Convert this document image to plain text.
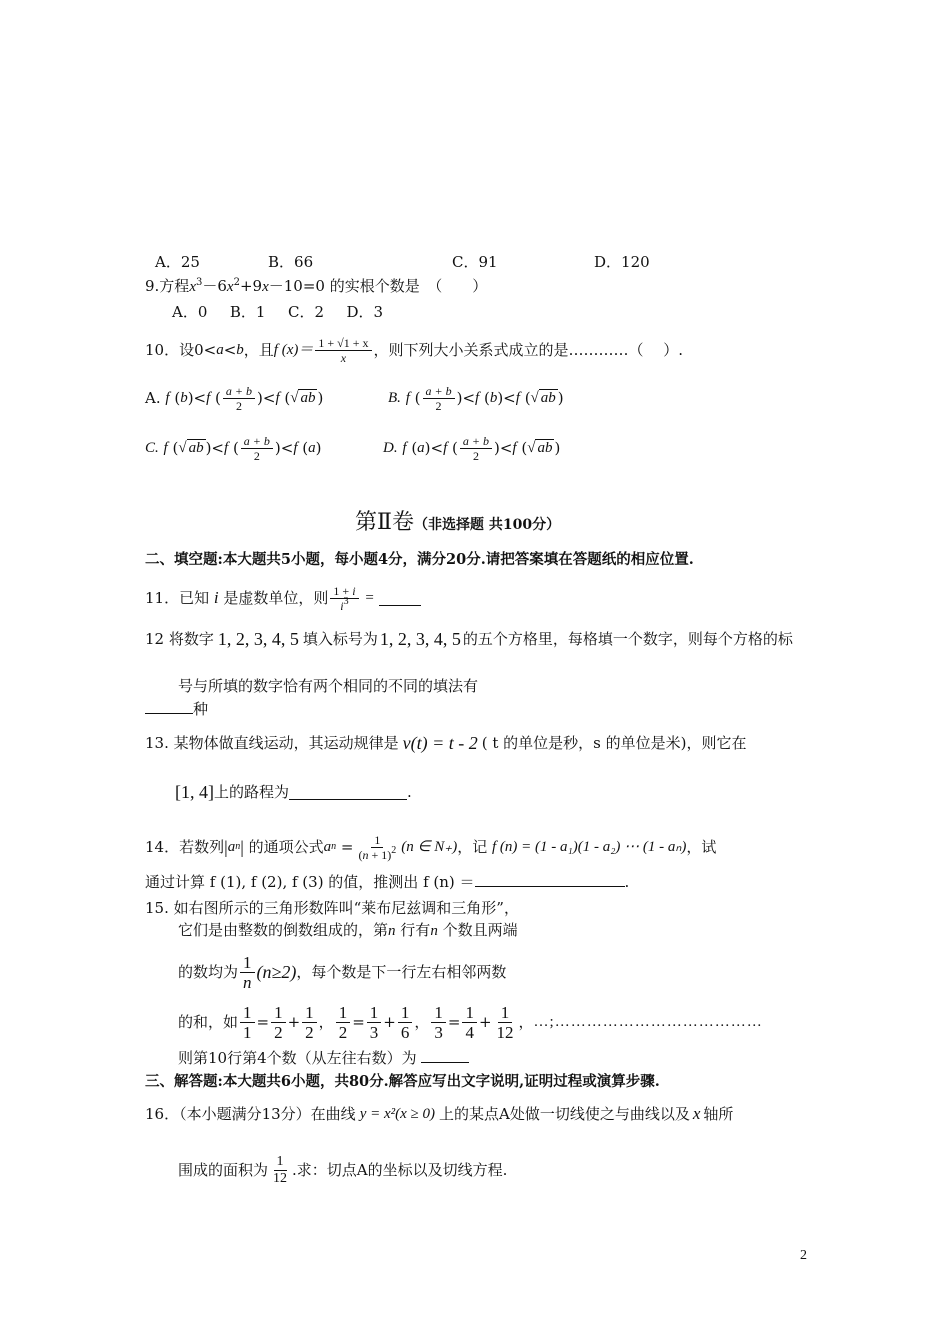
A．25	B．66	C．91	D．120
9.方程$x^3-6x^2+9x-10=0$ 的实根个数是　（　　）
A．0   B．1   C．2   D．3
10．设0< a < b ，且 f $(x)= \frac{1 + √1 + x}{x}$ ，则下列大小关系式成立的是…………（　 ）.
A.
f ( b )< f ( $\frac{a + b}{2}$ )< f ( √ ab )	B.
f ( $\frac{a + b}{2}$ )< f ( b )< f ( √ ab )
C.
f ( √ ab )< f ( $\frac{a + b}{2}$ )< f ( a )	D.
f ( a )< f ( $\frac{a + b}{2}$ )< f ( √ ab )
第Ⅱ卷（非选择题 共100分）
二、填空题:本大题共5小题，每小题4分，满分20分.请把答案填在答题纸的相应位置.
11．已知
i
是虚数单位，则 $\frac{1 + i}{i^3}$
=

12 将数字 1, 2, 3, 4, 5 填入标号为 1, 2, 3, 4, 5 的五个方格里，每格填一个数字，则每个方格的标
号与所填的数字恰有两个相同的不同的填法有
种
13. 某物体做直线运动，其运动规律是 v(t) = t - 2 ( t 的单位是秒，s 的单位是米)，则它在
[1, 4] 上的路程为	.
14．若数列 | a n |
的通项公式 a $n = \frac{1}{(n + 1)^2} (n$ ∈ N₊) ，记
f (n) = (1 - a₁)(1 - a₂) ⋯ (1 - aₙ) ，试
通过计算 f (1), f (2), f (3) 的值，推测出 f (n) ＝	.
15. 如右图所示的三角形数阵叫“莱布尼兹调和三角形”，
它们是由整数的倒数组成的，第n 行有n 个数且两端
的数均为 $\frac{1}{n} (n\ge 2)$ ，每个数是下一行左右相邻两数
的和，如 $\frac{1}{1} = \frac{1}{2} + \frac{1}{2}$ ， $\frac{1}{2} = \frac{1}{3} + \frac{1}{6}$ ， $\frac{1}{3} = \frac{1}{4} + \frac{1}{12}$ ， …;…………………………………
则第10行第4个数（从左往右数）为
三、解答题:本大题共6小题，共80分.解答应写出文字说明,证明过程或演算步骤.
16．（本小题满分13分）在曲线 y = x²(x ≥ 0) 上的某点A处做一切线使之与曲线以及 x 轴所
围成的面积为 $\frac{1}{12}$ .求：切点A的坐标以及切线方程.
2
